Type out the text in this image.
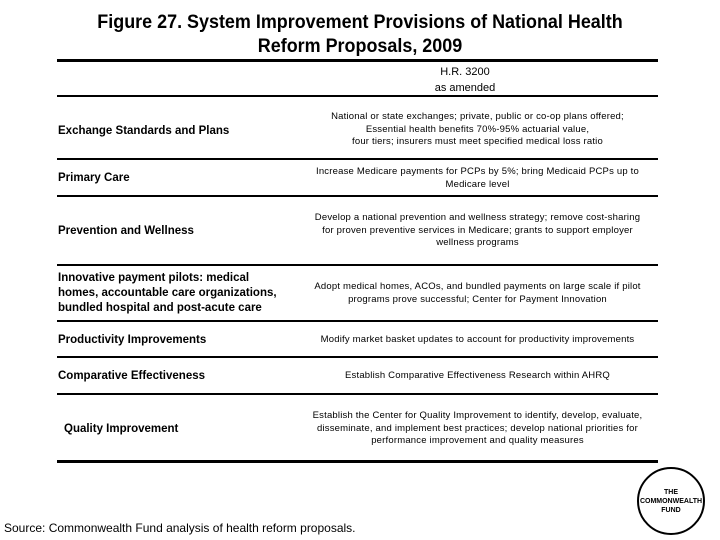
Figure 27. System Improvement Provisions of National Health
Reform Proposals, 2009
H.R. 3200
as amended
Exchange Standards and Plans
National or state exchanges; private, public or co-op plans offered;
Essential health benefits 70%-95% actuarial value,
four tiers; insurers must meet specified medical loss ratio
Primary Care
Increase Medicare payments for PCPs by 5%; bring Medicaid PCPs up to
Medicare level
Prevention and Wellness
Develop a national prevention and wellness strategy; remove cost-sharing
for proven preventive services in Medicare; grants to support employer
wellness programs
Innovative payment pilots: medical
homes, accountable care organizations,
bundled hospital and post-acute care
Adopt medical homes, ACOs, and bundled payments on large scale if pilot
programs prove successful; Center for Payment Innovation
Productivity Improvements	Modify market basket updates to account for productivity improvements
Comparative Effectiveness	Establish Comparative Effectiveness Research within AHRQ
Quality Improvement
Establish the Center for Quality Improvement to identify, develop, evaluate,
disseminate, and implement best practices; develop national priorities for
performance improvement and quality measures
THE
COMMONWEALTH
FUND
Source: Commonwealth Fund analysis of health reform proposals.
